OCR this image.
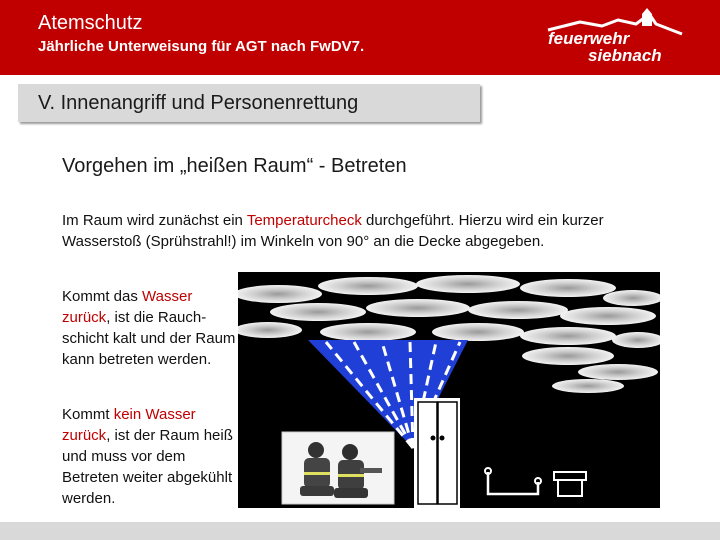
Atemschutz
Jährliche Unterweisung für AGT nach FwDV7.	feuerwehr
siebnach
V. Innenangriff und Personenrettung
Vorgehen im „heißen Raum“ - Betreten
Im Raum wird zunächst ein Temperaturcheck durchgeführt. Hierzu wird ein kurzer Wasserstoß (Sprühstrahl!) im Winkeln von 90° an die Decke abgegeben.
Kommt das Wasser zurück, ist die Rauchschicht kalt und der Raum kann betreten werden.
Kommt kein Wasser zurück, ist der Raum heiß und muss vor dem Betreten weiter abgekühlt werden.
